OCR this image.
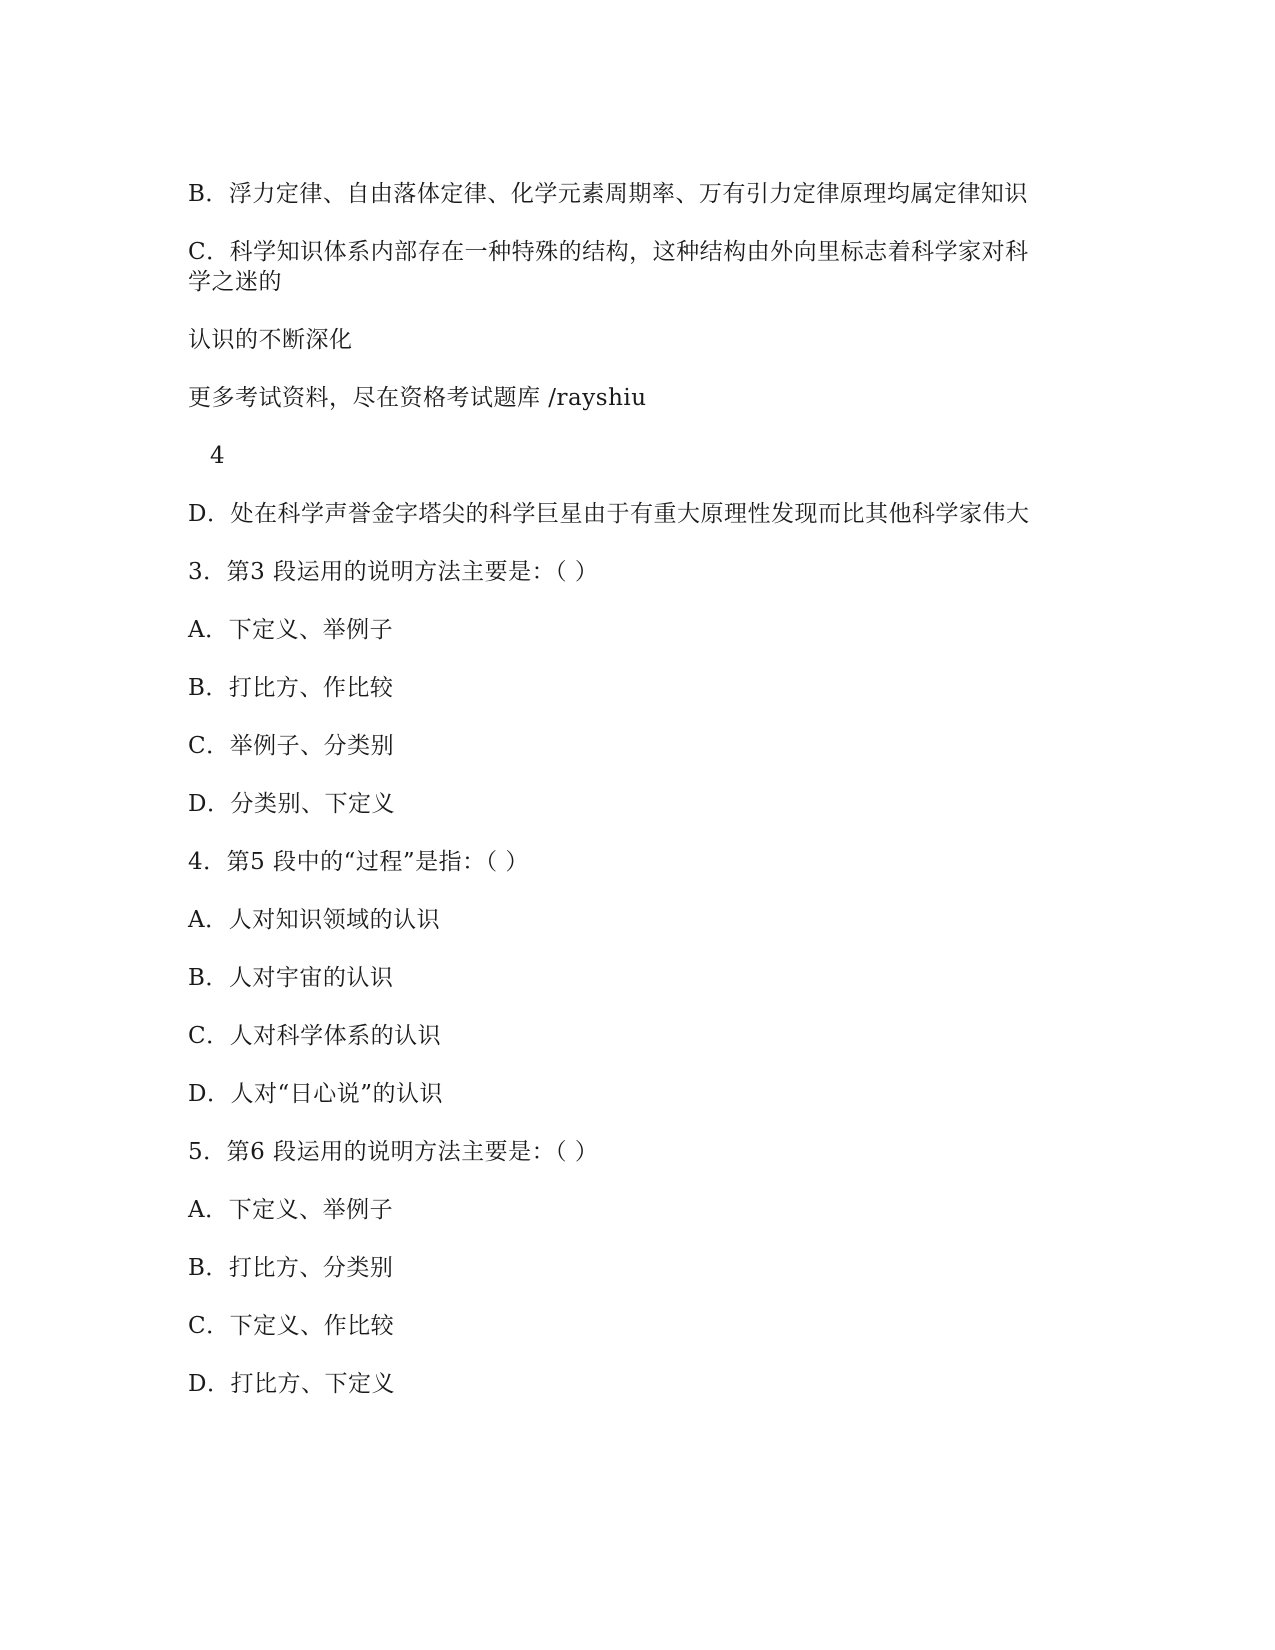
B．浮力定律、自由落体定律、化学元素周期率、万有引力定律原理均属定律知识
C．科学知识体系内部存在一种特殊的结构，这种结构由外向里标志着科学家对科
学之迷的
认识的不断深化
更多考试资料，尽在资格考试题库 /rayshiu
4
D．处在科学声誉金字塔尖的科学巨星由于有重大原理性发现而比其他科学家伟大
3．第3 段运用的说明方法主要是：（ ）
A．下定义、举例子
B．打比方、作比较
C．举例子、分类别
D．分类别、下定义
4．第5 段中的“过程”是指：（ ）
A．人对知识领域的认识
B．人对宇宙的认识
C．人对科学体系的认识
D．人对“日心说”的认识
5．第6 段运用的说明方法主要是：（ ）
A．下定义、举例子
B．打比方、分类别
C．下定义、作比较
D．打比方、下定义
